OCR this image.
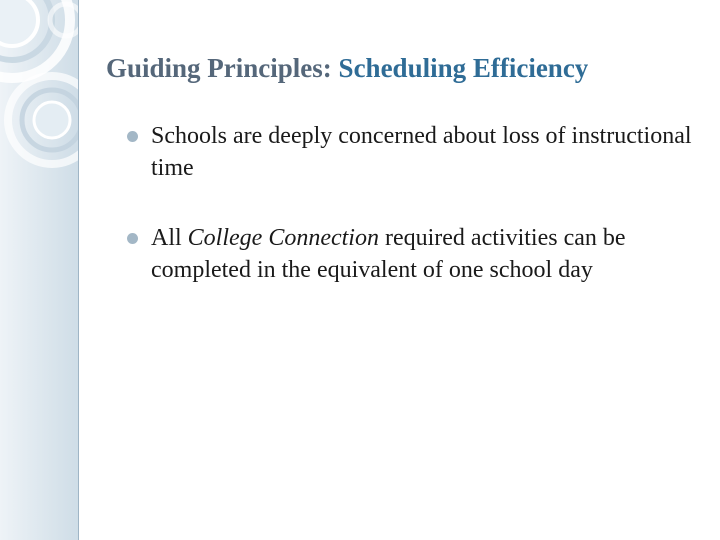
Guiding Principles: Scheduling Efficiency
Schools are deeply concerned about loss of instructional time
All College Connection required activities can be completed in the equivalent of one school day
